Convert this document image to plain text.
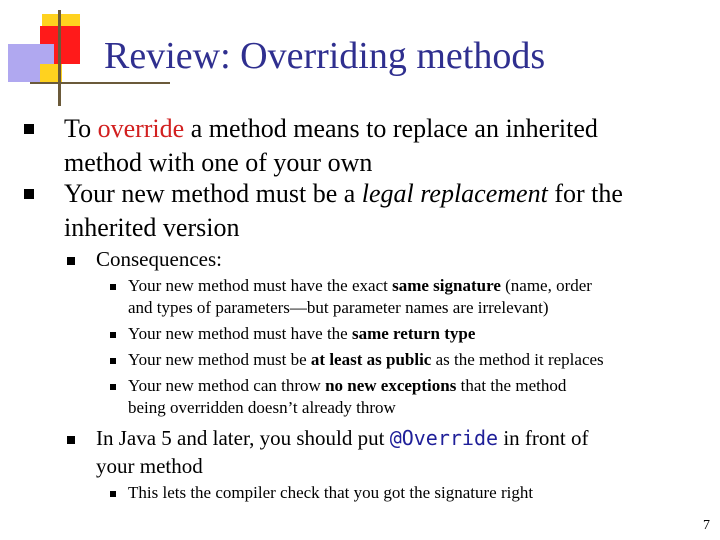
Review: Overriding methods
To override a method means to replace an inherited
method with one of your own
Your new method must be a legal replacement for the
inherited version
Consequences:
Your new method must have the exact same signature (name, order
and types of parameters—but parameter names are irrelevant)
Your new method must have the same return type
Your new method must be at least as public as the method it replaces
Your new method can throw no new exceptions that the method
being overridden doesn’t already throw
In Java 5 and later, you should put @Override in front of
your method
This lets the compiler check that you got the signature right
7
